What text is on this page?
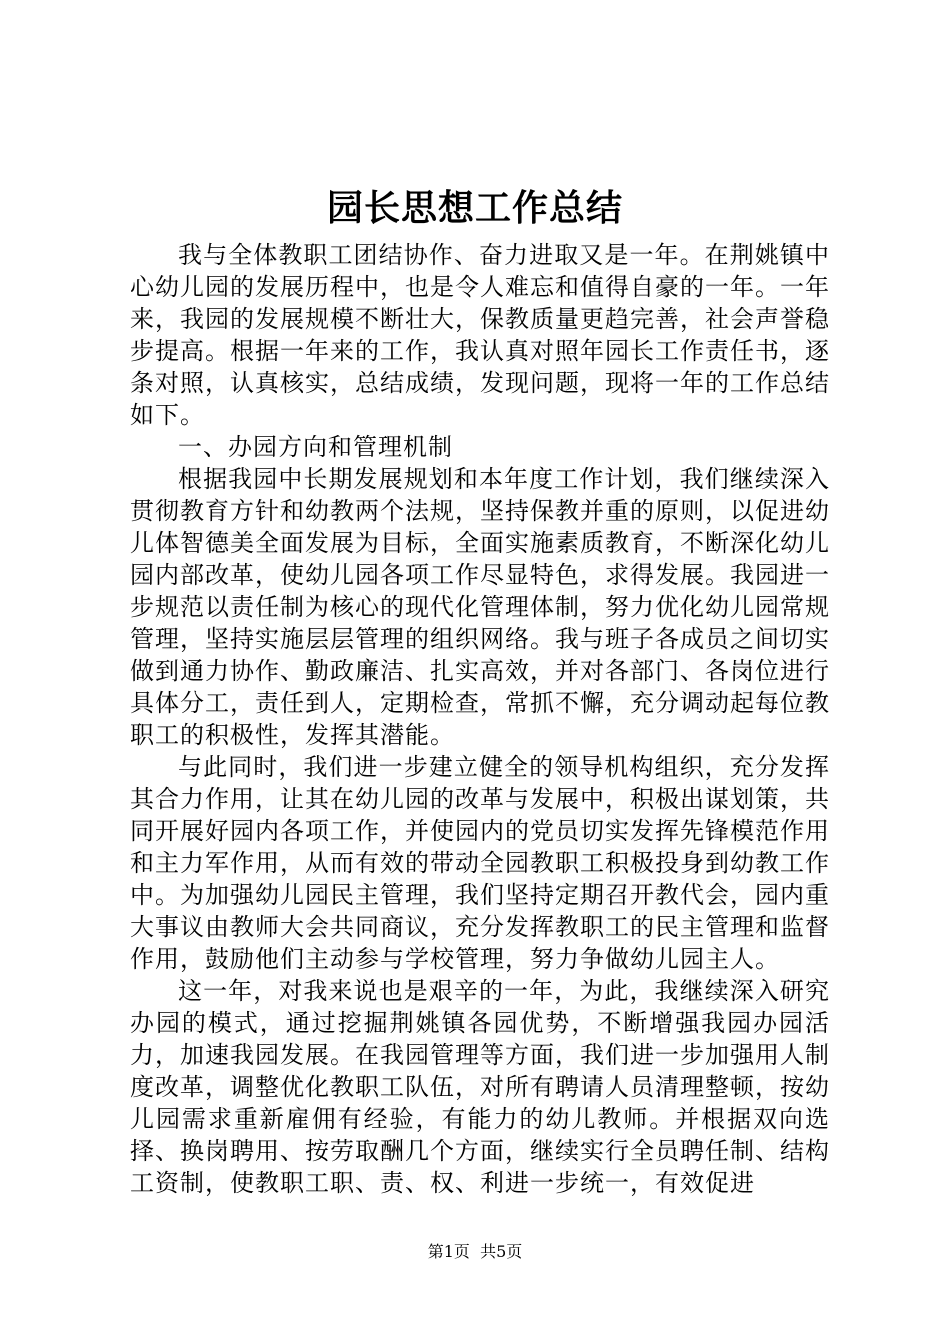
园长思想工作总结

我与全体教职工团结协作、奋力进取又是一年。在荆姚镇中心幼儿园的发展历程中，也是令人难忘和值得自豪的一年。一年来，我园的发展规模不断壮大，保教质量更趋完善，社会声誉稳步提高。根据一年来的工作，我认真对照年园长工作责任书，逐条对照，认真核实，总结成绩，发现问题，现将一年的工作总结如下。

一、办园方向和管理机制

根据我园中长期发展规划和本年度工作计划，我们继续深入贯彻教育方针和幼教两个法规，坚持保教并重的原则，以促进幼儿体智德美全面发展为目标，全面实施素质教育，不断深化幼儿园内部改革，使幼儿园各项工作尽显特色，求得发展。我园进一步规范以责任制为核心的现代化管理体制，努力优化幼儿园常规管理，坚持实施层层管理的组织网络。我与班子各成员之间切实做到通力协作、勤政廉洁、扎实高效，并对各部门、各岗位进行具体分工，责任到人，定期检查，常抓不懈，充分调动起每位教职工的积极性，发挥其潜能。

与此同时，我们进一步建立健全的领导机构组织，充分发挥其合力作用，让其在幼儿园的改革与发展中，积极出谋划策，共同开展好园内各项工作，并使园内的党员切实发挥先锋模范作用和主力军作用，从而有效的带动全园教职工积极投身到幼教工作中。为加强幼儿园民主管理，我们坚持定期召开教代会，园内重大事议由教师大会共同商议，充分发挥教职工的民主管理和监督作用，鼓励他们主动参与学校管理，努力争做幼儿园主人。

这一年，对我来说也是艰辛的一年，为此，我继续深入研究办园的模式，通过挖掘荆姚镇各园优势，不断增强我园办园活力，加速我园发展。在我园管理等方面，我们进一步加强用人制度改革，调整优化教职工队伍，对所有聘请人员清理整顿，按幼儿园需求重新雇佣有经验，有能力的幼儿教师。并根据双向选择、换岗聘用、按劳取酬几个方面，继续实行全员聘任制、结构工资制，使教职工职、责、权、利进一步统一，有效促进

第1页 共5页
